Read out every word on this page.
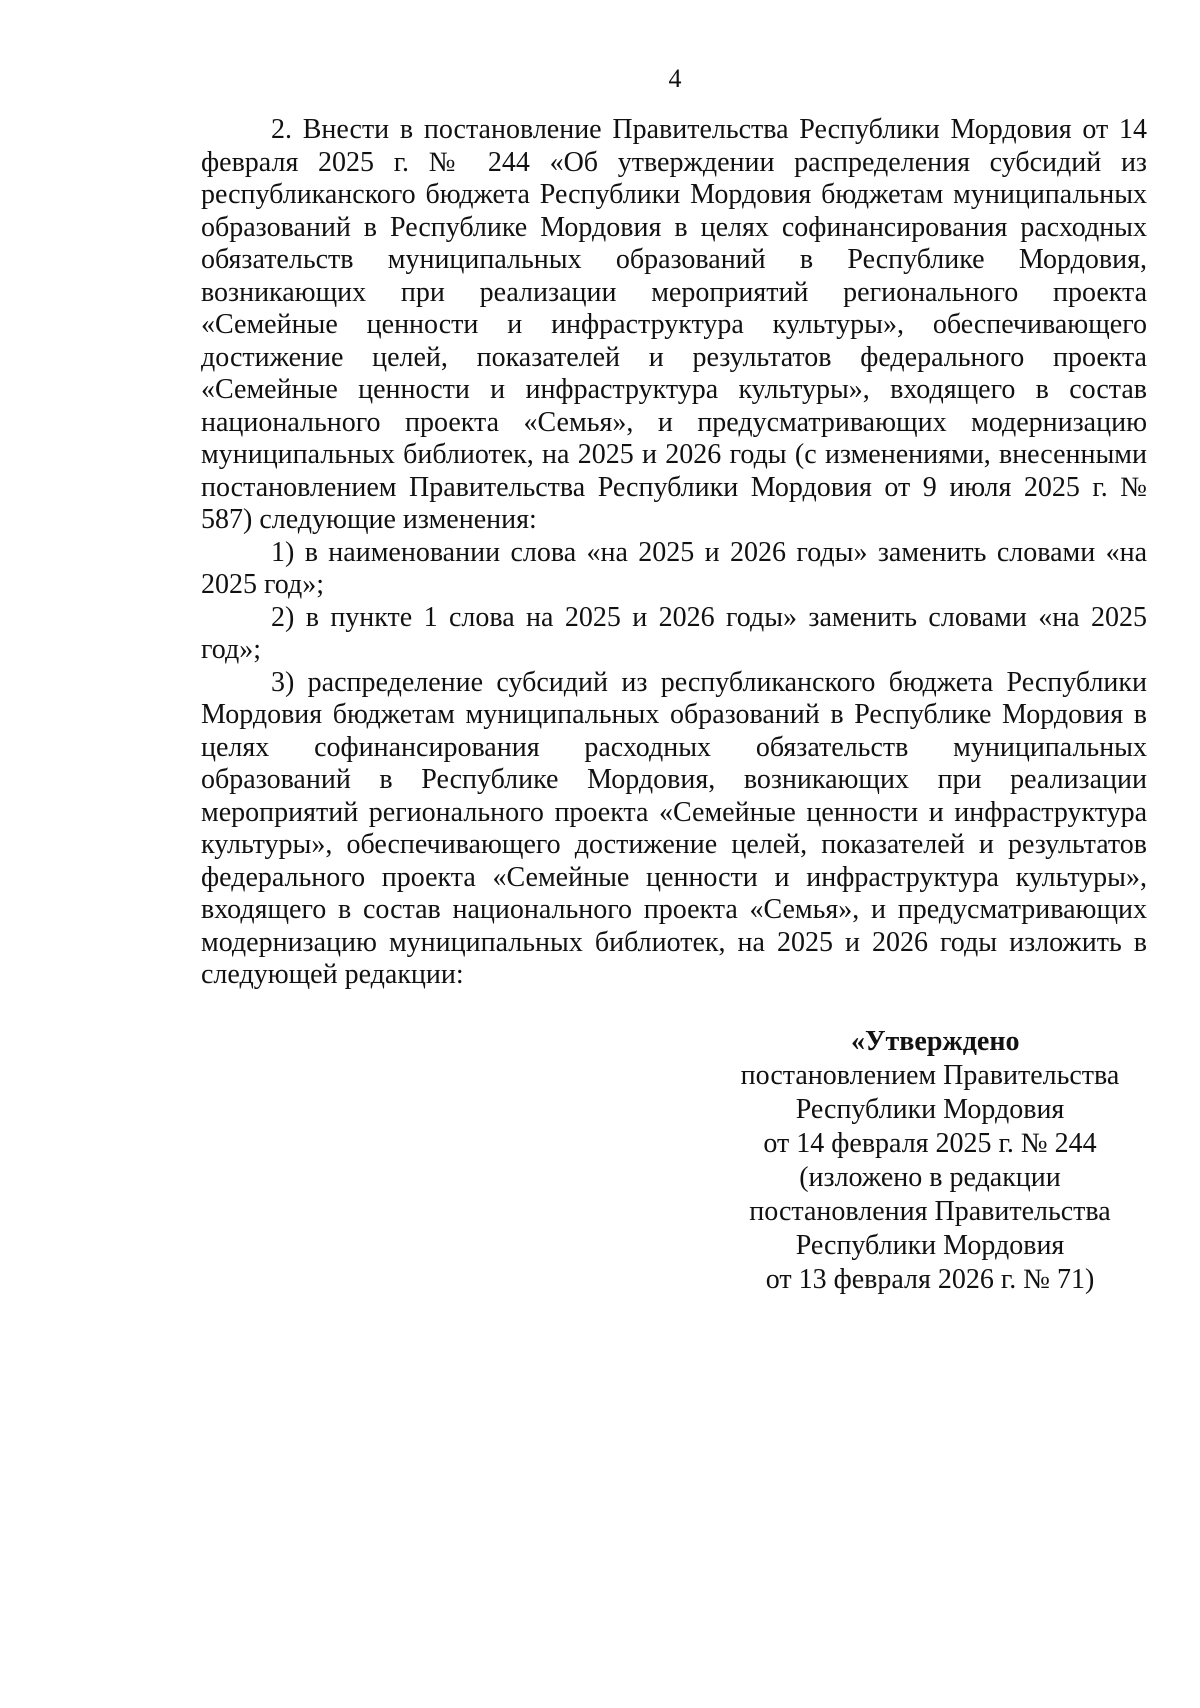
4

2. Внести в постановление Правительства Республики Мордовия от 14 февраля 2025 г. № 244 «Об утверждении распределения субсидий из республиканского бюджета Республики Мордовия бюджетам муниципальных образований в Республике Мордовия в целях софинансирования расходных обязательств муниципальных образований в Республике Мордовия, возникающих при реализации мероприятий регионального проекта «Семейные ценности и инфраструктура культуры», обеспечивающего достижение целей, показателей и результатов федерального проекта «Семейные ценности и инфраструктура культуры», входящего в состав национального проекта «Семья», и предусматривающих модернизацию муниципальных библиотек, на 2025 и 2026 годы (с изменениями, внесенными постановлением Правительства Республики Мордовия от 9 июля 2025 г. № 587) следующие изменения:

1) в наименовании слова «на 2025 и 2026 годы» заменить словами «на 2025 год»;

2) в пункте 1 слова на 2025 и 2026 годы» заменить словами «на 2025 год»;

3) распределение субсидий из республиканского бюджета Республики Мордовия бюджетам муниципальных образований в Республике Мордовия в целях софинансирования расходных обязательств муниципальных образований в Республике Мордовия, возникающих при реализации мероприятий регионального проекта «Семейные ценности и инфраструктура культуры», обеспечивающего достижение целей, показателей и результатов федерального проекта «Семейные ценности и инфраструктура культуры», входящего в состав национального проекта «Семья», и предусматривающих модернизацию муниципальных библиотек, на 2025 и 2026 годы изложить в следующей редакции:

«Утверждено
постановлением Правительства
Республики Мордовия
от 14 февраля 2025 г. № 244
(изложено в редакции
постановления Правительства
Республики Мордовия
от 13 февраля 2026 г. № 71)
